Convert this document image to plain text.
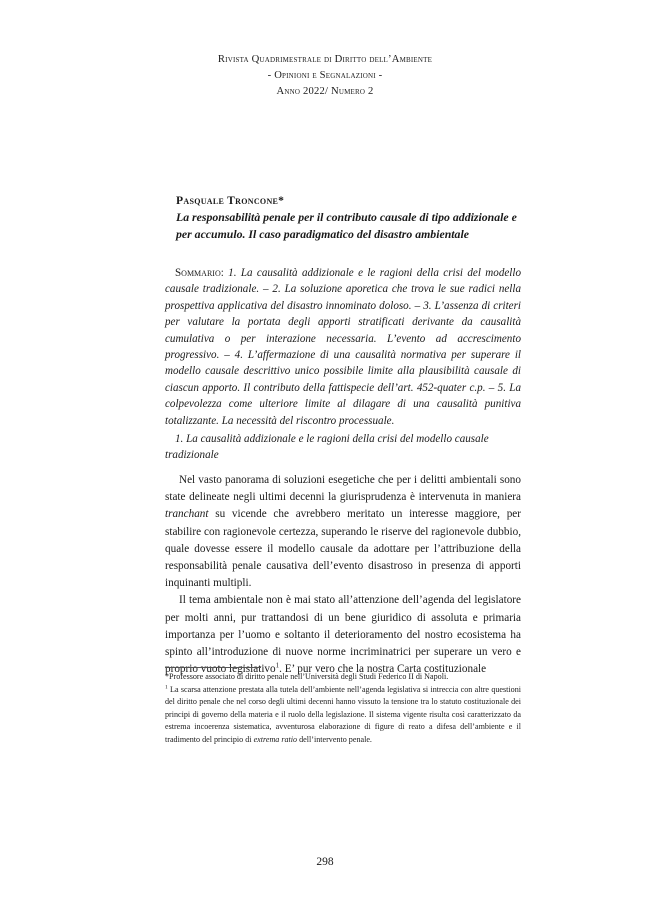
Rivista Quadrimestrale di Diritto dell’Ambiente
- Opinioni e Segnalazioni -
Anno 2022/ Numero 2
Pasquale Troncone*
La responsabilità penale per il contributo causale di tipo addizionale e per accumulo. Il caso paradigmatico del disastro ambientale
Sommario: 1. La causalità addizionale e le ragioni della crisi del modello causale tradizionale. – 2. La soluzione aporetica che trova le sue radici nella prospettiva applicativa del disastro innominato doloso. – 3. L’assenza di criteri per valutare la portata degli apporti stratificati derivante da causalità cumulativa o per interazione necessaria. L’evento ad accrescimento progressivo. – 4. L’affermazione di una causalità normativa per superare il modello causale descrittivo unico possibile limite alla plausibilità causale di ciascun apporto. Il contributo della fattispecie dell’art. 452-quater c.p. – 5. La colpevolezza come ulteriore limite al dilagare di una causalità punitiva totalizzante. La necessità del riscontro processuale.
1. La causalità addizionale e le ragioni della crisi del modello causale tradizionale

Nel vasto panorama di soluzioni esegetiche che per i delitti ambientali sono state delineate negli ultimi decenni la giurisprudenza è intervenuta in maniera tranchant su vicende che avrebbero meritato un interesse maggiore, per stabilire con ragionevole certezza, superando le riserve del ragionevole dubbio, quale dovesse essere il modello causale da adottare per l’attribuzione della responsabilità penale causativa dell’evento disastroso in presenza di apporti inquinanti multipli.

Il tema ambientale non è mai stato all’attenzione dell’agenda del legislatore per molti anni, pur trattandosi di un bene giuridico di assoluta e primaria importanza per l’uomo e soltanto il deterioramento del nostro ecosistema ha spinto all’introduzione di nuove norme incriminatrici per superare un vero e proprio vuoto legislativo$^1$. E’ pur vero che la nostra Carta costituzionale

*Professore associato di diritto penale nell’Università degli Studi Federico II di Napoli.

$^1$ La scarsa attenzione prestata alla tutela dell’ambiente nell’agenda legislativa si intreccia con altre questioni del diritto penale che nel corso degli ultimi decenni hanno vissuto la tensione tra lo statuto costituzionale dei principi di governo della materia e il ruolo della legislazione. Il sistema vigente risulta così caratterizzato da estrema incoerenza sistematica, avventurosa elaborazione di figure di reato a difesa dell’ambiente e il tradimento del principio di extrema ratio dell’intervento penale.

298
